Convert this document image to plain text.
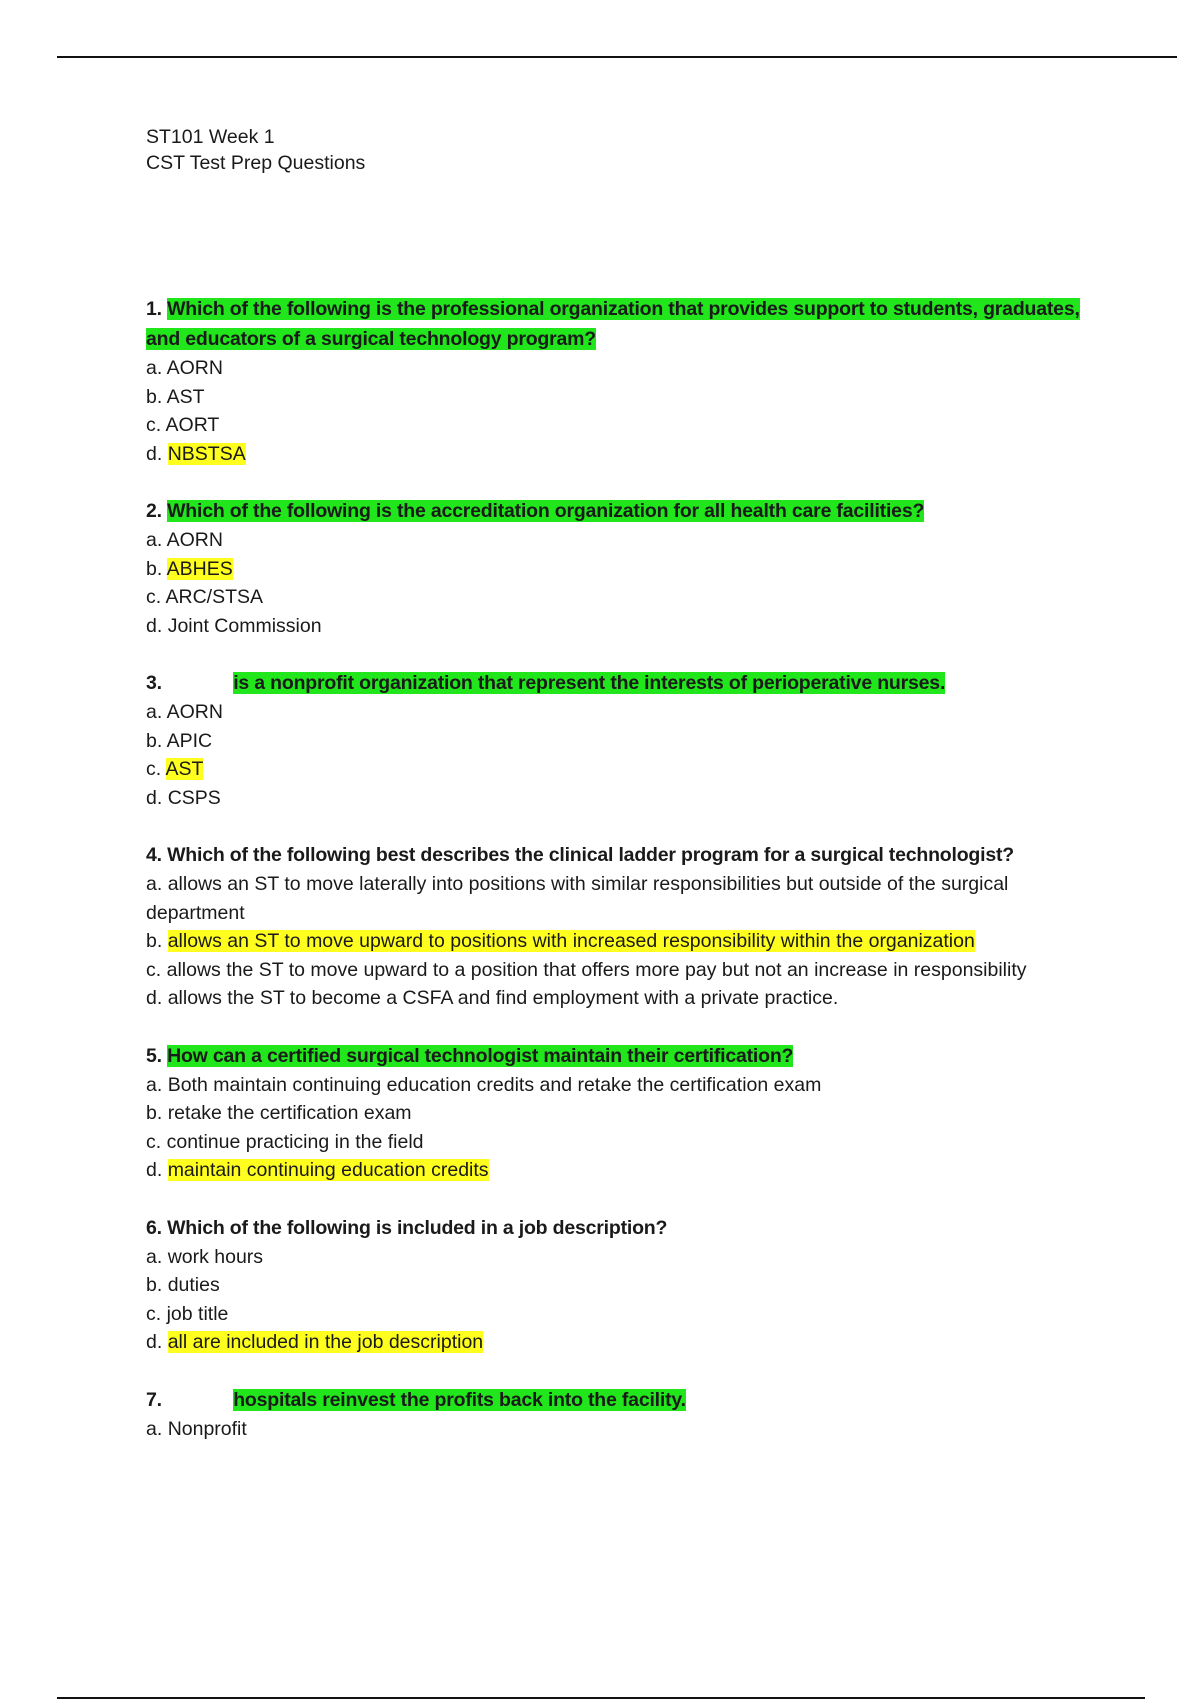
ST101 Week 1

CST Test Prep Questions

1. Which of the following is the professional organization that provides support to students, graduates, and educators of a surgical technology program?

a. AORN
b. AST
c. AORT
d. NBSTSA

2. Which of the following is the accreditation organization for all health care facilities?

a. AORN
b. ABHES
c. ARC/STSA
d. Joint Commission

3.	is a nonprofit organization that represent the interests of perioperative nurses.

a. AORN
b. APIC
c. AST
d. CSPS

4. Which of the following best describes the clinical ladder program for a surgical technologist?

a. allows an ST to move laterally into positions with similar responsibilities but outside of the surgical department
b. allows an ST to move upward to positions with increased responsibility within the organization
c. allows the ST to move upward to a position that offers more pay but not an increase in responsibility
d. allows the ST to become a CSFA and find employment with a private practice.

5. How can a certified surgical technologist maintain their certification?

a. Both maintain continuing education credits and retake the certification exam
b. retake the certification exam
c. continue practicing in the field
d. maintain continuing education credits

6. Which of the following is included in a job description?

a. work hours
b. duties
c. job title
d. all are included in the job description

7.	hospitals reinvest the profits back into the facility.

a. Nonprofit
